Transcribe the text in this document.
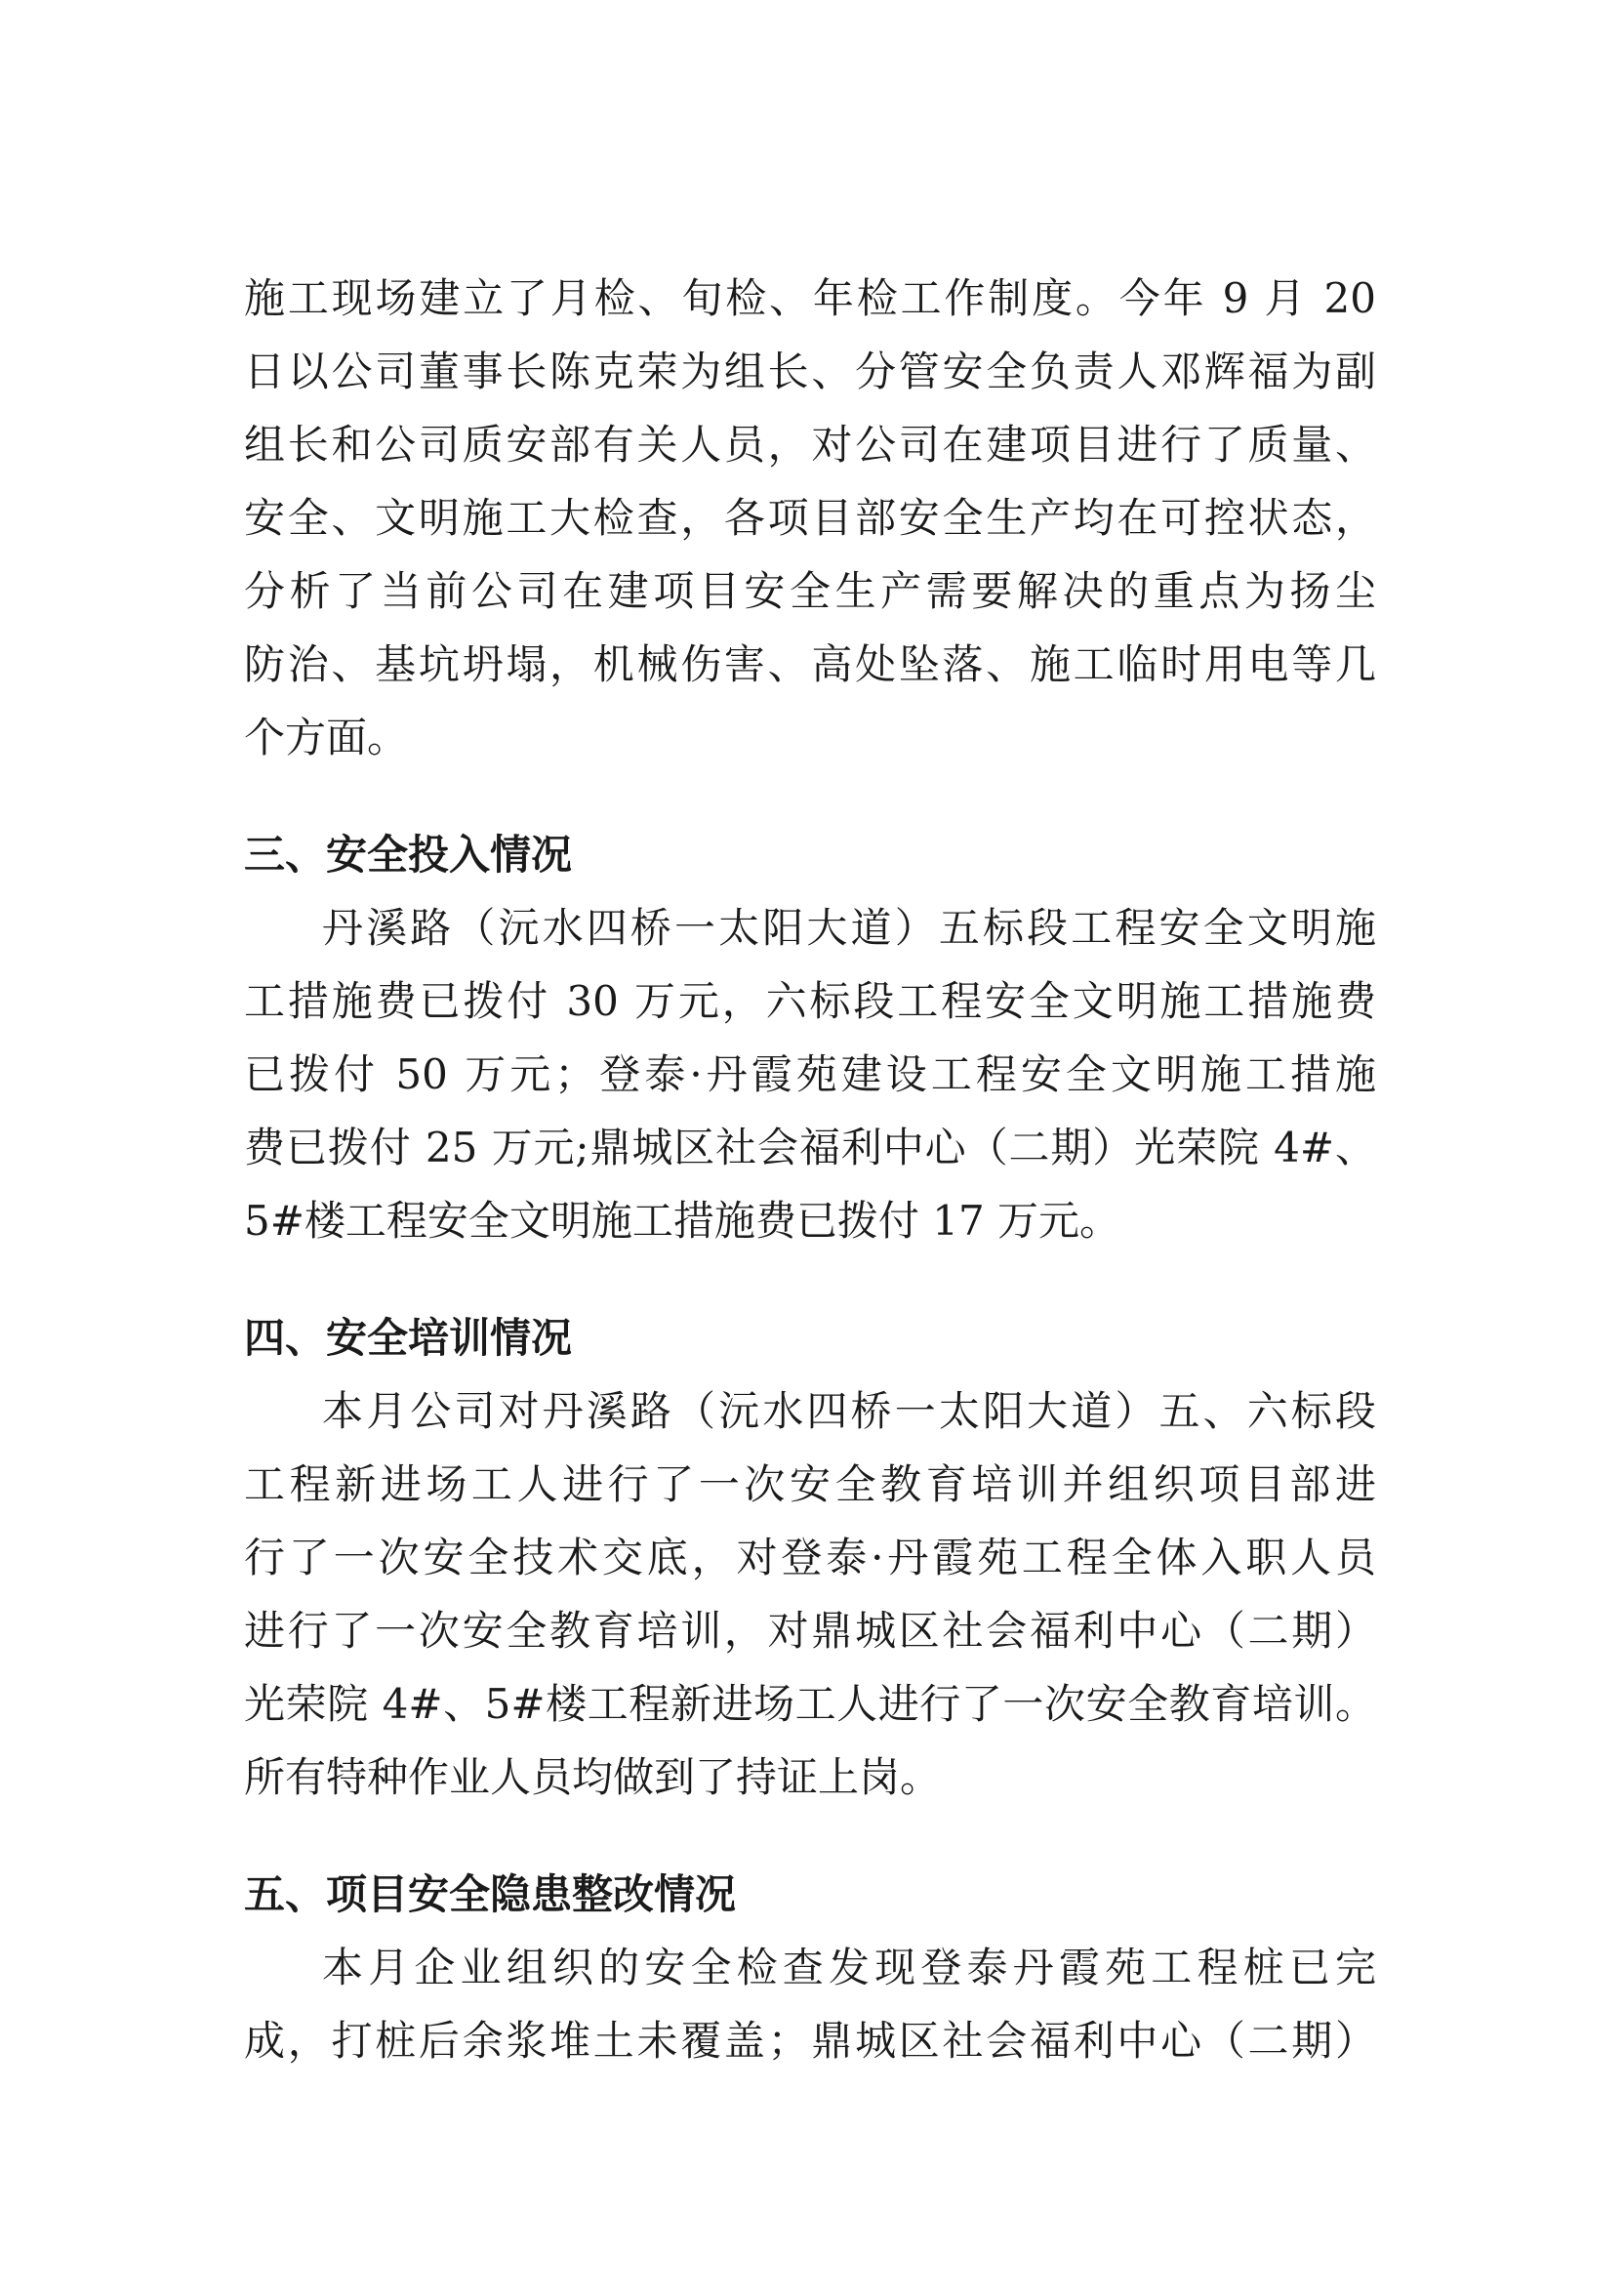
施工现场建立了月检、旬检、年检工作制度。今年 9 月 20
日以公司董事长陈克荣为组长、分管安全负责人邓辉福为副
组长和公司质安部有关人员，对公司在建项目进行了质量、
安全、文明施工大检查，各项目部安全生产均在可控状态，
分析了当前公司在建项目安全生产需要解决的重点为扬尘
防治、基坑坍塌，机械伤害、高处坠落、施工临时用电等几
个方面。
三、安全投入情况
丹溪路（沅水四桥一太阳大道）五标段工程安全文明施
工措施费已拨付 30 万元，六标段工程安全文明施工措施费
已拨付 50 万元；登泰·丹霞苑建设工程安全文明施工措施
费已拨付 25 万元;鼎城区社会福利中心（二期）光荣院 4#、
5#楼工程安全文明施工措施费已拨付 17 万元。
四、安全培训情况
本月公司对丹溪路（沅水四桥一太阳大道）五、六标段
工程新进场工人进行了一次安全教育培训并组织项目部进
行了一次安全技术交底，对登泰·丹霞苑工程全体入职人员
进行了一次安全教育培训，对鼎城区社会福利中心（二期）
光荣院 4#、5#楼工程新进场工人进行了一次安全教育培训。
所有特种作业人员均做到了持证上岗。
五、项目安全隐患整改情况
本月企业组织的安全检查发现登泰丹霞苑工程桩已完
成，打桩后余浆堆土未覆盖；鼎城区社会福利中心（二期）
